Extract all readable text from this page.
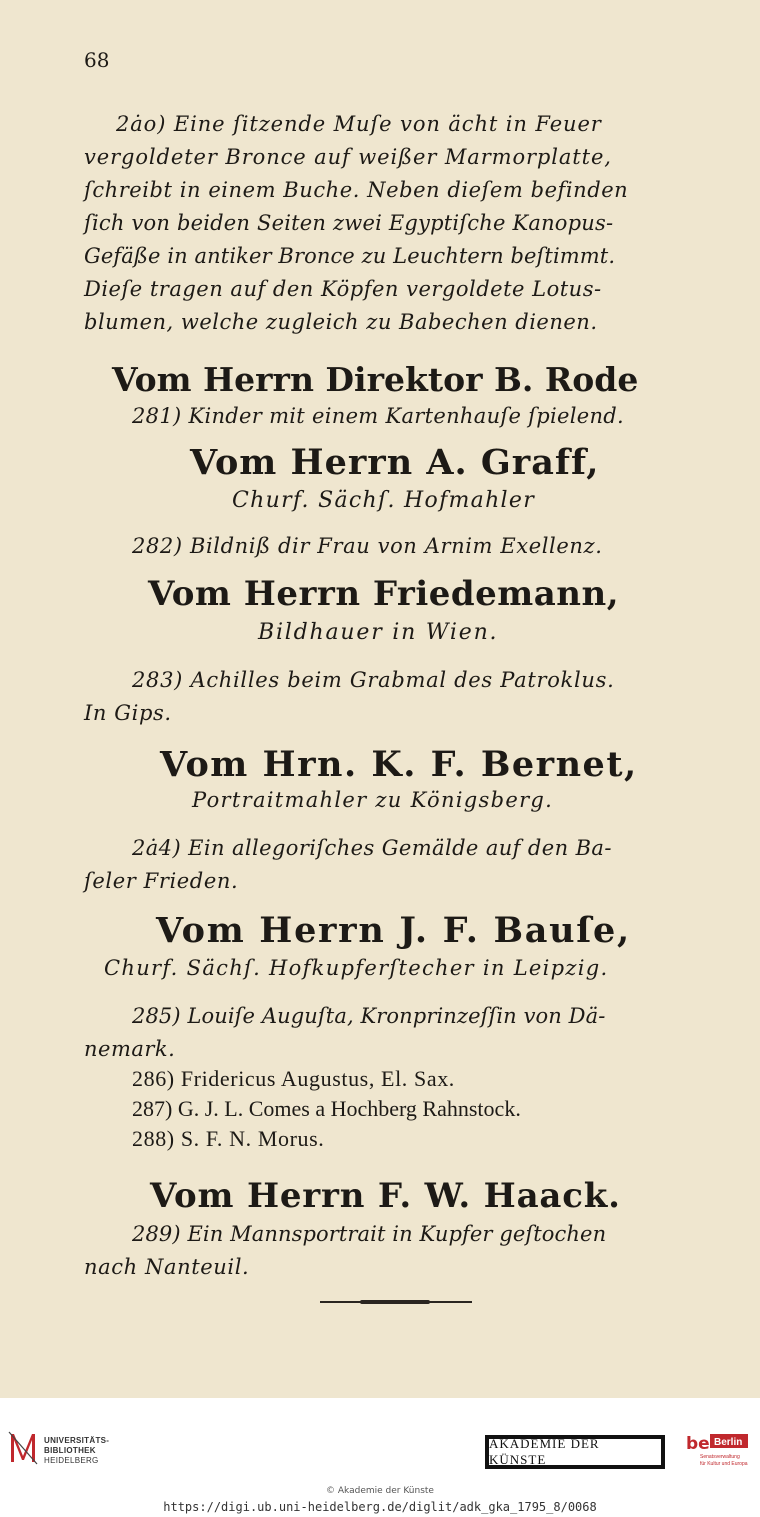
68
2ȧo) Eine ſitzende Muſe von ächt in Feuer
vergoldeter Bronce auf weißer Marmorplatte,
ſchreibt in einem Buche. Neben dieſem befinden
ſich von beiden Seiten zwei Egyptiſche Kanopus-
Gefäße in antiker Bronce zu Leuchtern beſtimmt.
Dieſe tragen auf den Köpfen vergoldete Lotus-
blumen, welche zugleich zu Babechen dienen.
Vom Herrn Direktor B. Rode
281) Kinder mit einem Kartenhauſe ſpielend.
Vom Herrn A. Graff,
Churf. Sächſ. Hofmahler
282) Bildniß dir Frau von Arnim Exellenz.
Vom Herrn Friedemann,
Bildhauer in Wien.
283) Achilles beim Grabmal des Patroklus.
In Gips.
Vom Hrn. K. F. Bernet,
Portraitmahler zu Königsberg.
2ȧ4) Ein allegoriſches Gemälde auf den Ba-
ſeler Frieden.
Vom Herrn J. F. Bauſe,
Churf. Sächſ. Hofkupferſtecher in Leipzig.
285) Louiſe Auguſta, Kronprinzeſſin von Dä-
nemark.
286) Fridericus Augustus, El. Sax.
287) G. J. L. Comes a Hochberg Rahnstock.
288) S. F. N. Morus.
Vom Herrn F. W. Haack.
289) Ein Mannsportrait in Kupfer geſtochen
nach Nanteuil.
UNIVERSITÄTS-
BIBLIOTHEK
HEIDELBERG
AKADEMIE DER KÜNSTE
be Berlin
Senatsverwaltung
für Kultur und Europa
© Akademie der Künste
https://digi.ub.uni-heidelberg.de/diglit/adk_gka_1795_8/0068
